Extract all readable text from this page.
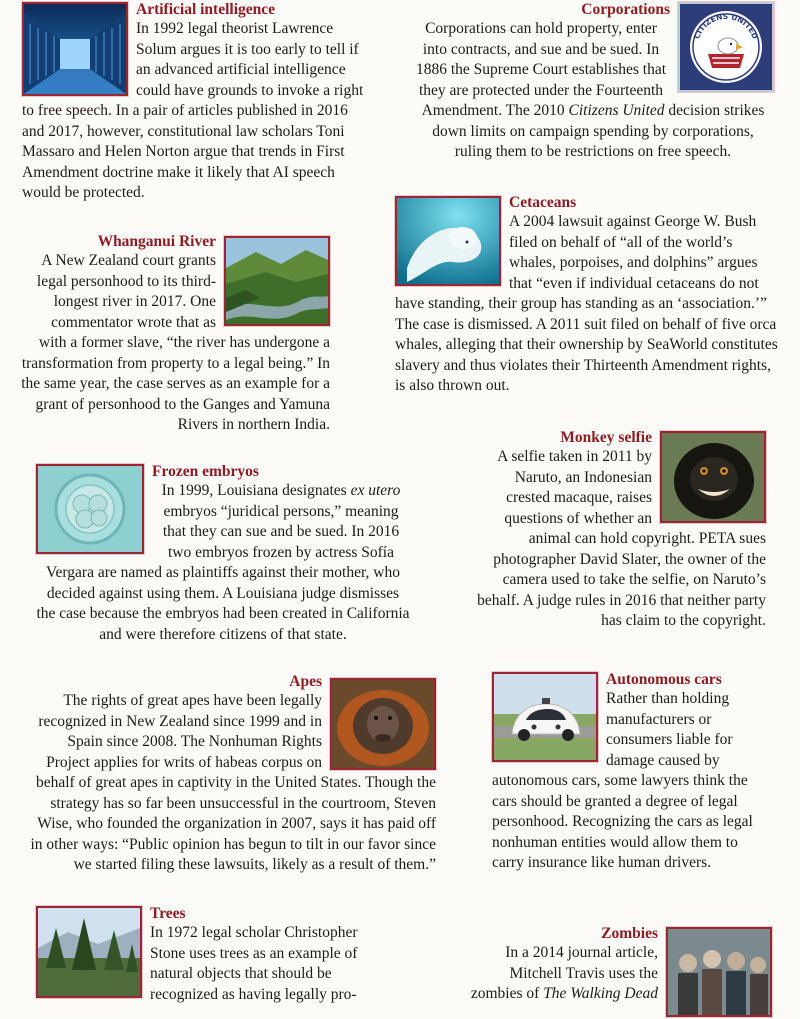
Artificial intelligence
In 1992 legal theorist Lawrence Solum argues it is too early to tell if an advanced artificial intelligence could have grounds to invoke a right to free speech. In a pair of articles published in 2016 and 2017, however, constitutional law scholars Toni Massaro and Helen Norton argue that trends in First Amendment doctrine make it likely that AI speech would be protected.
CITIZENS UNITED
Corporations
Corporations can hold property, enter into contracts, and sue and be sued. In 1886 the Supreme Court establishes that they are protected under the Fourteenth Amendment. The 2010 Citizens United decision strikes down limits on campaign spending by corporations, ruling them to be restrictions on free speech.
Whanganui River
A New Zealand court grants legal personhood to its third-longest river in 2017. One commentator wrote that as with a former slave, “the river has undergone a transformation from property to a legal being.” In the same year, the case serves as an example for a grant of personhood to the Ganges and Yamuna Rivers in northern India.
Cetaceans
A 2004 lawsuit against George W. Bush filed on behalf of “all of the world’s whales, porpoises, and dolphins” argues that “even if individual cetaceans do not have standing, their group has standing as an ‘association.’” The case is dismissed. A 2011 suit filed on behalf of five orca whales, alleging that their ownership by SeaWorld constitutes slavery and thus violates their Thirteenth Amendment rights, is also thrown out.
Frozen embryos
In 1999, Louisiana designates ex utero embryos “juridical persons,” meaning that they can sue and be sued. In 2016 two embryos frozen by actress Sofía Vergara are named as plaintiffs against their mother, who decided against using them. A Louisiana judge dismisses the case because the embryos had been created in California and were therefore citizens of that state.
Monkey selfie
A selfie taken in 2011 by Naruto, an Indonesian crested macaque, raises questions of whether an animal can hold copyright. PETA sues photographer David Slater, the owner of the camera used to take the selfie, on Naruto’s behalf. A judge rules in 2016 that neither party has claim to the copyright.
Apes
The rights of great apes have been legally recognized in New Zealand since 1999 and in Spain since 2008. The Nonhuman Rights Project applies for writs of habeas corpus on behalf of great apes in captivity in the United States. Though the strategy has so far been unsuccessful in the courtroom, Steven Wise, who founded the organization in 2007, says it has paid off in other ways: “Public opinion has begun to tilt in our favor since we started filing these lawsuits, likely as a result of them.”
Autonomous cars
Rather than holding manufacturers or consumers liable for damage caused by autonomous cars, some lawyers think the cars should be granted a degree of legal personhood. Recognizing the cars as legal nonhuman entities would allow them to carry insurance like human drivers.
Trees
In 1972 legal scholar Christopher Stone uses trees as an example of natural objects that should be recognized as having legally pro-
Zombies
In a 2014 journal article, Mitchell Travis uses the zombies of The Walking Dead
